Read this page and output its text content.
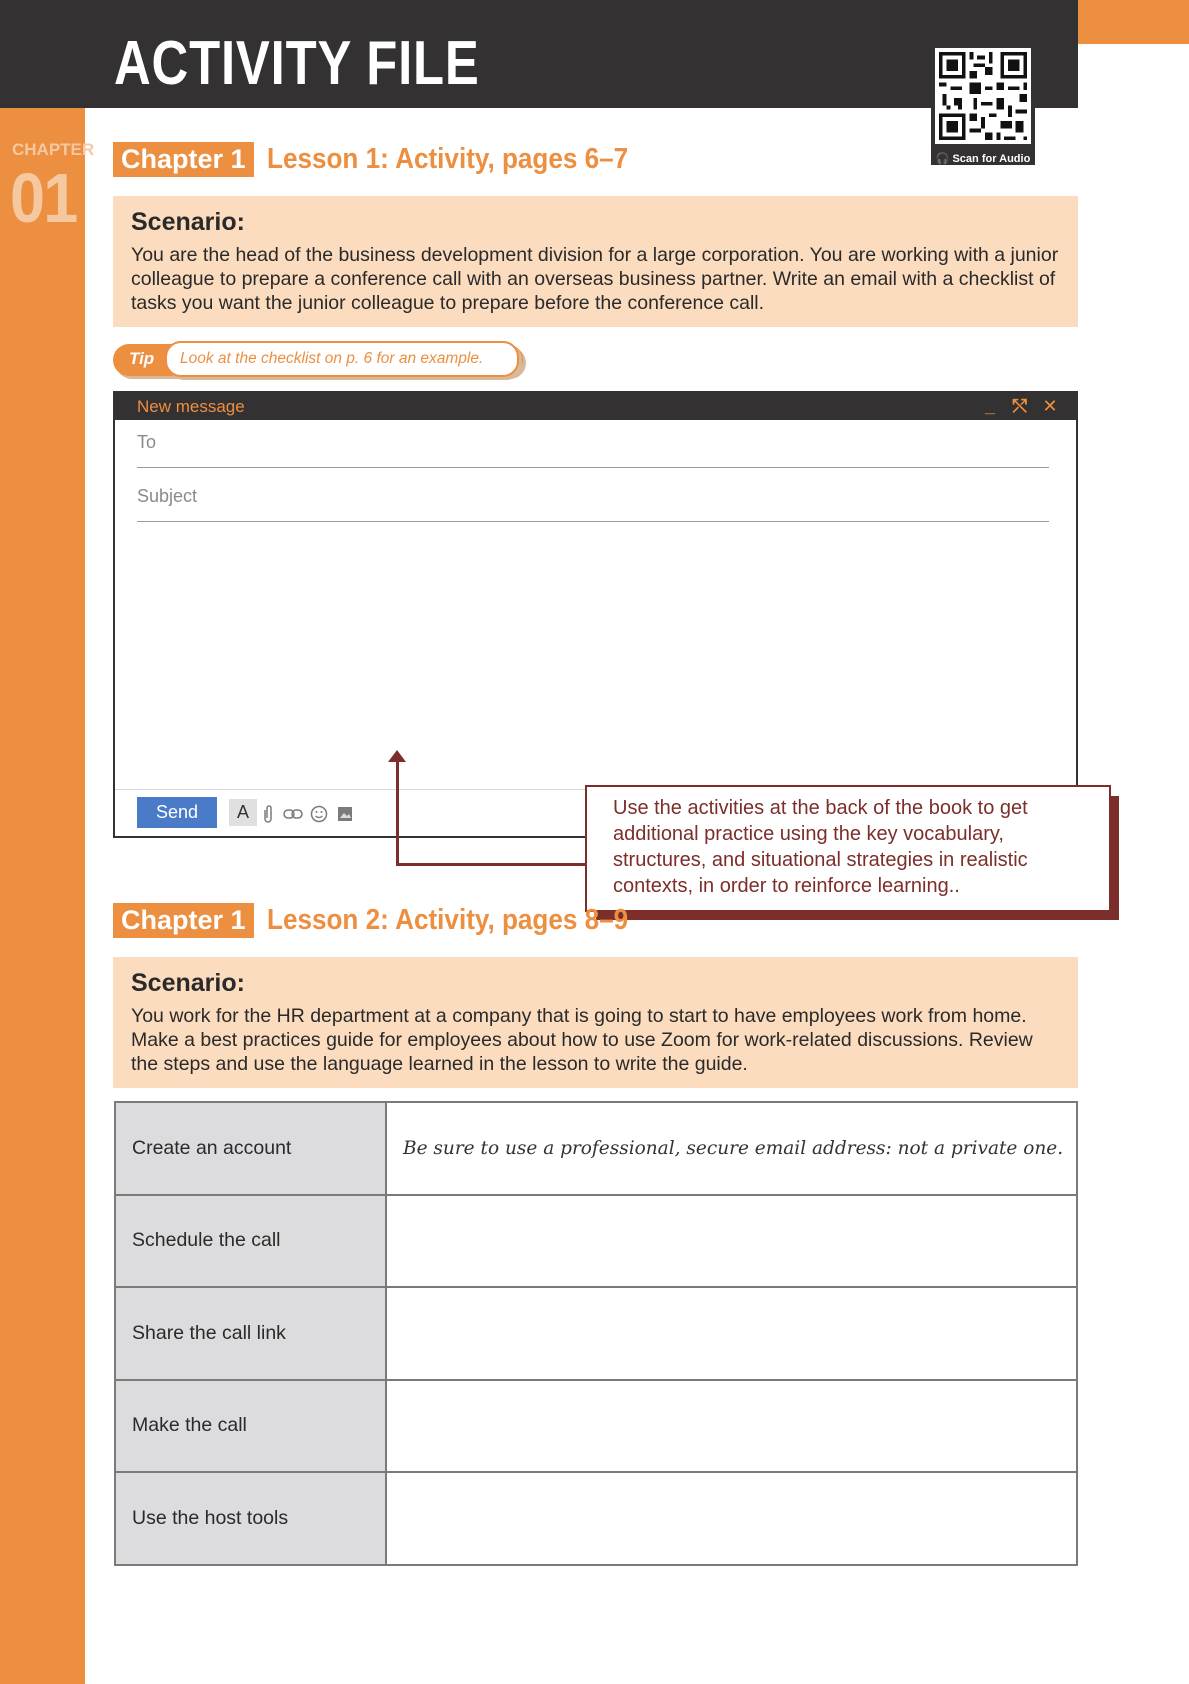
ACTIVITY FILE
🎧 Scan for Audio
CHAPTER
01 Chapter 1 Lesson 1: Activity, pages 6–7
Scenario:
You are the head of the business development division for a large corporation. You are working with a junior colleague to prepare a conference call with an overseas business partner. Write an email with a checklist of tasks you want the junior colleague to prepare before the conference call.
Tip Look at the checklist on p. 6 for an example.
New message	_ ⤲ ✕
To
Subject
Send	A	Use the activities at the back of the book to get additional practice using the key vocabulary, structures, and situational strategies in realistic contexts, in order to reinforce learning..
Chapter 1 Lesson 2: Activity, pages 8–9
Scenario:
You work for the HR department at a company that is going to start to have employees work from home. Make a best practices guide for employees about how to use Zoom for work-related discussions. Review the steps and use the language learned in the lesson to write the guide.
Create an account	Be sure to use a professional, secure email address: not a private one.
Schedule the call	
Share the call link	
Make the call	
Use the host tools	
